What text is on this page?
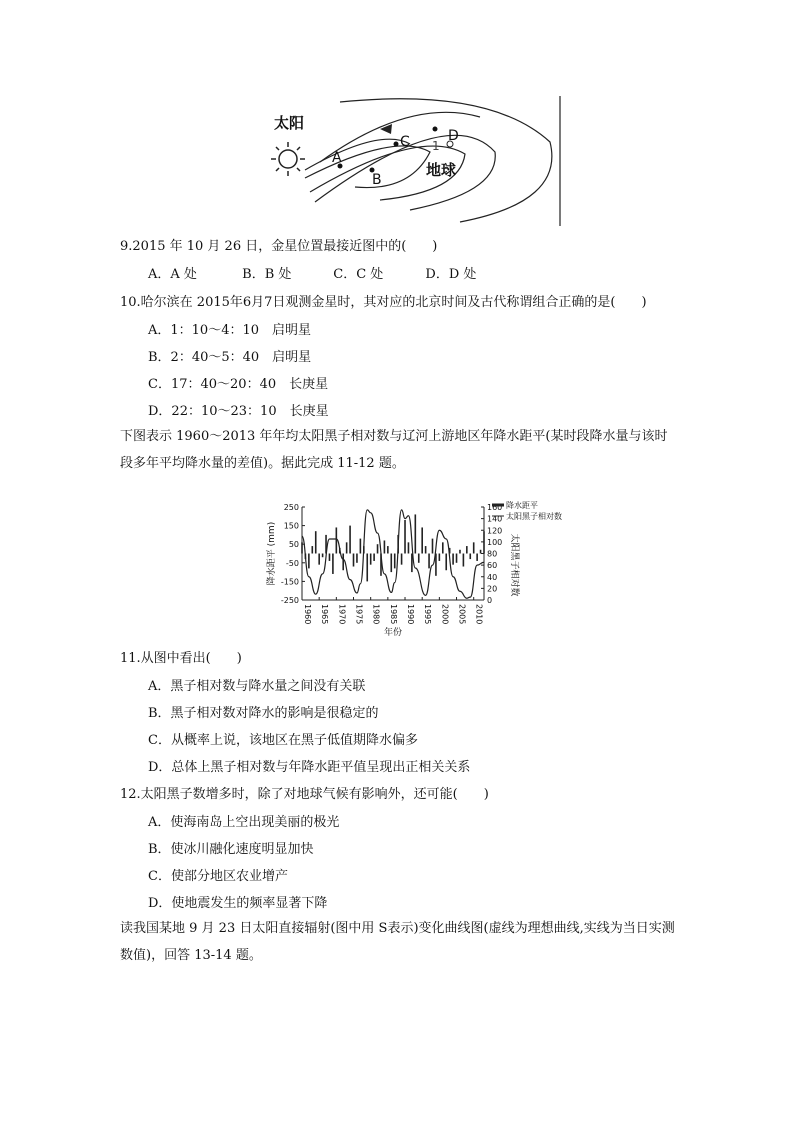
太阳
A
B
C	D
1
地球
9.2015 年 10 月 26 日，金星位置最接近图中的(　　)
A．A 处	B．B 处	C．C 处	D．D 处
10.哈尔滨在 2015年6月7日观测金星时，其对应的北京时间及古代称谓组合正确的是(　　)
A．1：10～4：10　启明星
B．2：40～5：40　启明星
C．17：40～20：40　长庚星
D．22：10～23：10　长庚星
下图表示 1960～2013 年年均太阳黑子相对数与辽河上游地区年降水距平(某时段降水量与该时段多年平均降水量的差值)。据此完成 11-12 题。
250
150
50
-50
-150
-250
160
140
120
100
80
60
40
20
0
1960 1965 1970 1975 1980 1985 1990 1995 2000 2005 2010
降水距平 (mm)	太阳黑子相对数
年份
降水距平
太阳黑子相对数
11.从图中看出(　　)
A．黑子相对数与降水量之间没有关联
B．黑子相对数对降水的影响是很稳定的
C．从概率上说，该地区在黑子低值期降水偏多
D．总体上黑子相对数与年降水距平值呈现出正相关关系
12.太阳黑子数增多时，除了对地球气候有影响外，还可能(　　)
A．使海南岛上空出现美丽的极光
B．使冰川融化速度明显加快
C．使部分地区农业增产
D．使地震发生的频率显著下降
读我国某地 9 月 23 日太阳直接辐射(图中用 S表示)变化曲线图(虚线为理想曲线,实线为当日实测数值)，回答 13-14 题。
